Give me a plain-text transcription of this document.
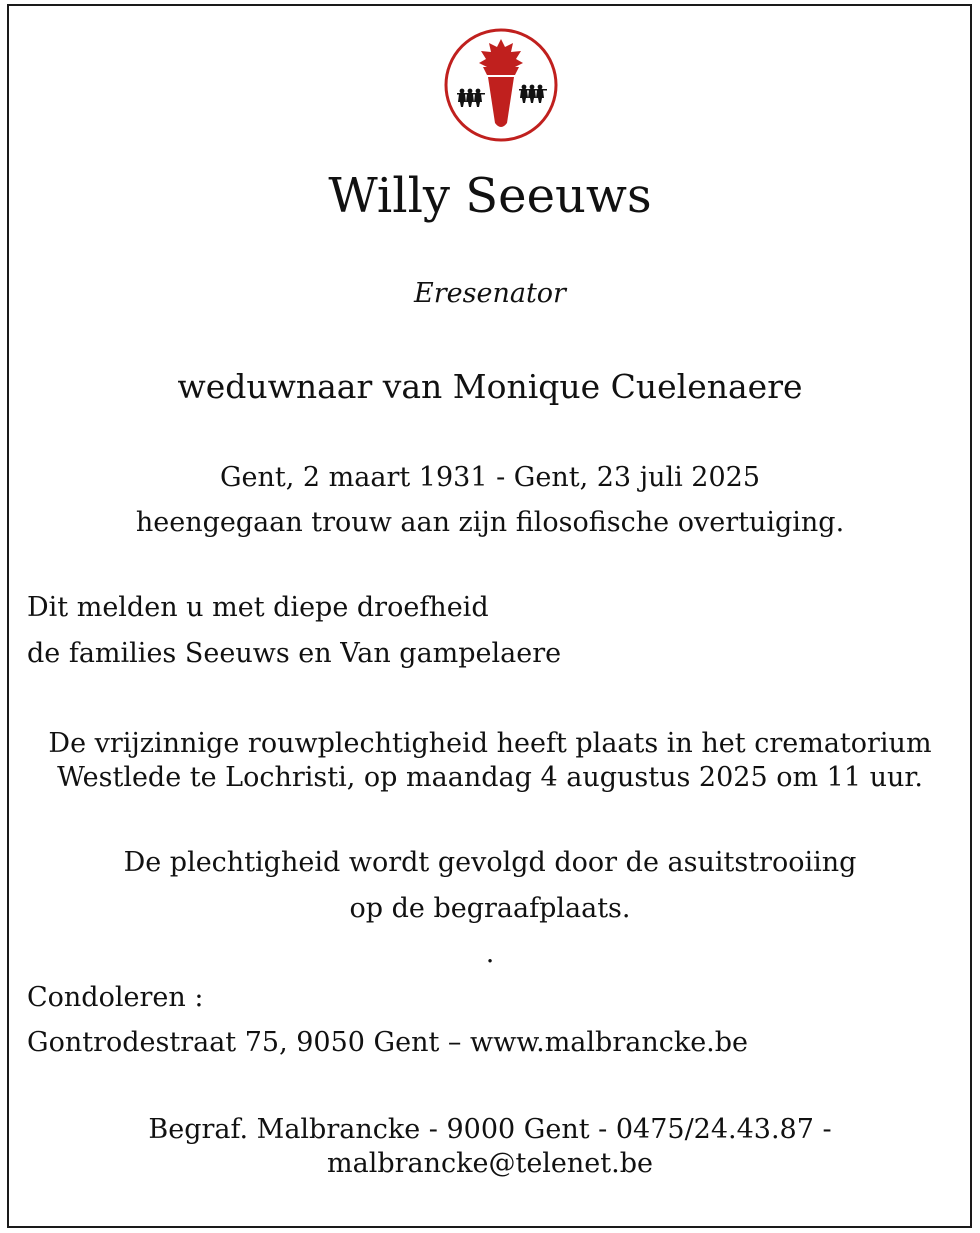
Willy Seeuws
Eresenator
weduwnaar van Monique Cuelenaere
Gent, 2 maart 1931 - Gent, 23 juli 2025
heengegaan trouw aan zijn filosofische overtuiging.
Dit melden u met diepe droefheid
de families Seeuws en Van gampelaere
De vrijzinnige rouwplechtigheid heeft plaats in het crematorium
Westlede te Lochristi, op maandag 4 augustus 2025 om 11 uur.
De plechtigheid wordt gevolgd door de asuitstrooiing
op de begraafplaats.
.
Condoleren :
Gontrodestraat 75, 9050 Gent – www.malbrancke.be
Begraf. Malbrancke - 9000 Gent - 0475/24.43.87 -
malbrancke@telenet.be
